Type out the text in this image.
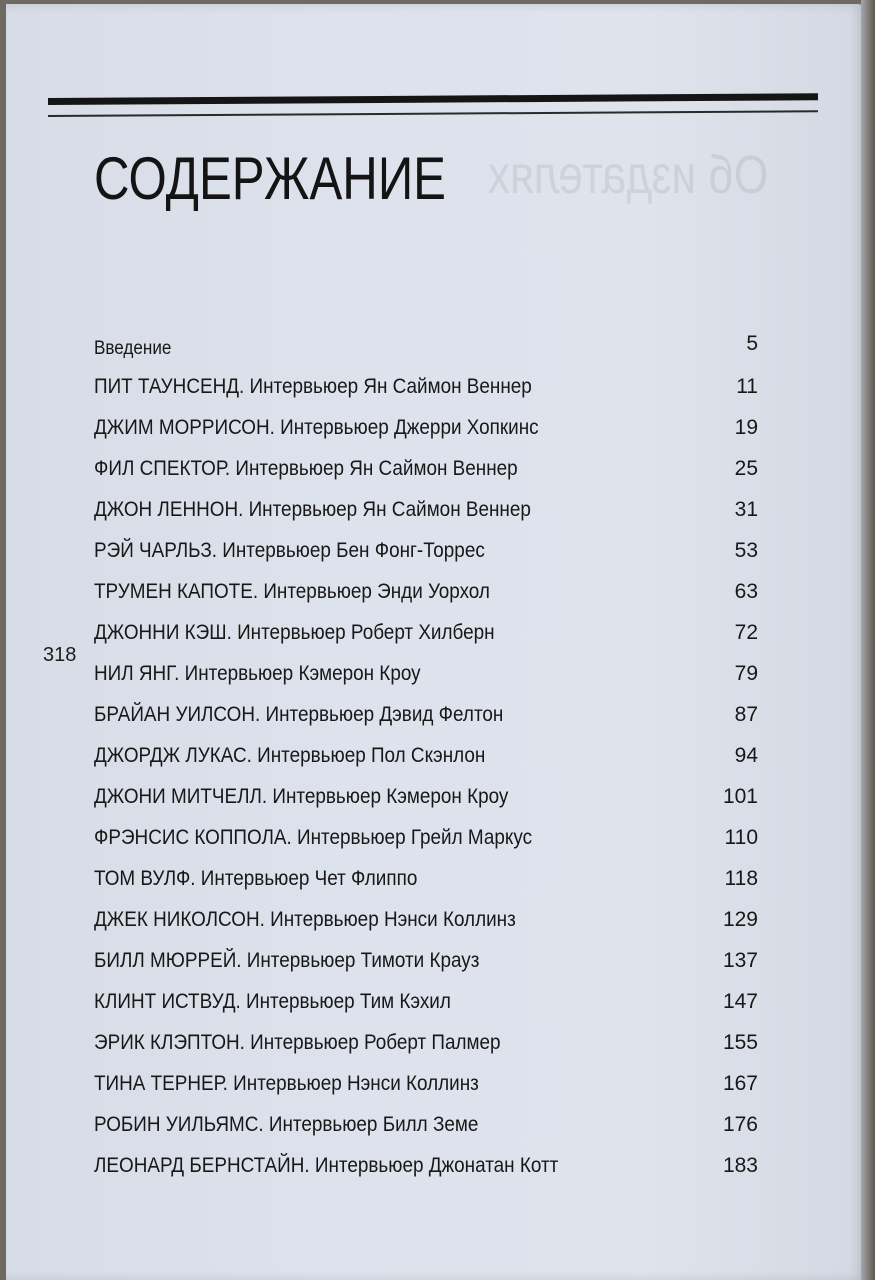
СОДЕРЖАНИЕ Об издателях
318
Введение	5
ПИТ ТАУНСЕНД. Интервьюер Ян Саймон Веннер	11
ДЖИМ МОРРИСОН. Интервьюер Джерри Хопкинс	19
ФИЛ СПЕКТОР. Интервьюер Ян Саймон Веннер	25
ДЖОН ЛЕННОН. Интервьюер Ян Саймон Веннер	31
РЭЙ ЧАРЛЬЗ. Интервьюер Бен Фонг-Торрес	53
ТРУМЕН КАПОТЕ. Интервьюер Энди Уорхол	63
ДЖОННИ КЭШ. Интервьюер Роберт Хилберн	72
НИЛ ЯНГ. Интервьюер Кэмерон Кроу	79
БРАЙАН УИЛСОН. Интервьюер Дэвид Фелтон	87
ДЖОРДЖ ЛУКАС. Интервьюер Пол Скэнлон	94
ДЖОНИ МИТЧЕЛЛ. Интервьюер Кэмерон Кроу	101
ФРЭНСИС КОППОЛА. Интервьюер Грейл Маркус	110
ТОМ ВУЛФ. Интервьюер Чет Флиппо	118
ДЖЕК НИКОЛСОН. Интервьюер Нэнси Коллинз	129
БИЛЛ МЮРРЕЙ. Интервьюер Тимоти Крауз	137
КЛИНТ ИСТВУД. Интервьюер Тим Кэхил	147
ЭРИК КЛЭПТОН. Интервьюер Роберт Палмер	155
ТИНА ТЕРНЕР. Интервьюер Нэнси Коллинз	167
РОБИН УИЛЬЯМС. Интервьюер Билл Земе	176
ЛЕОНАРД БЕРНСТАЙН. Интервьюер Джонатан Котт	183
